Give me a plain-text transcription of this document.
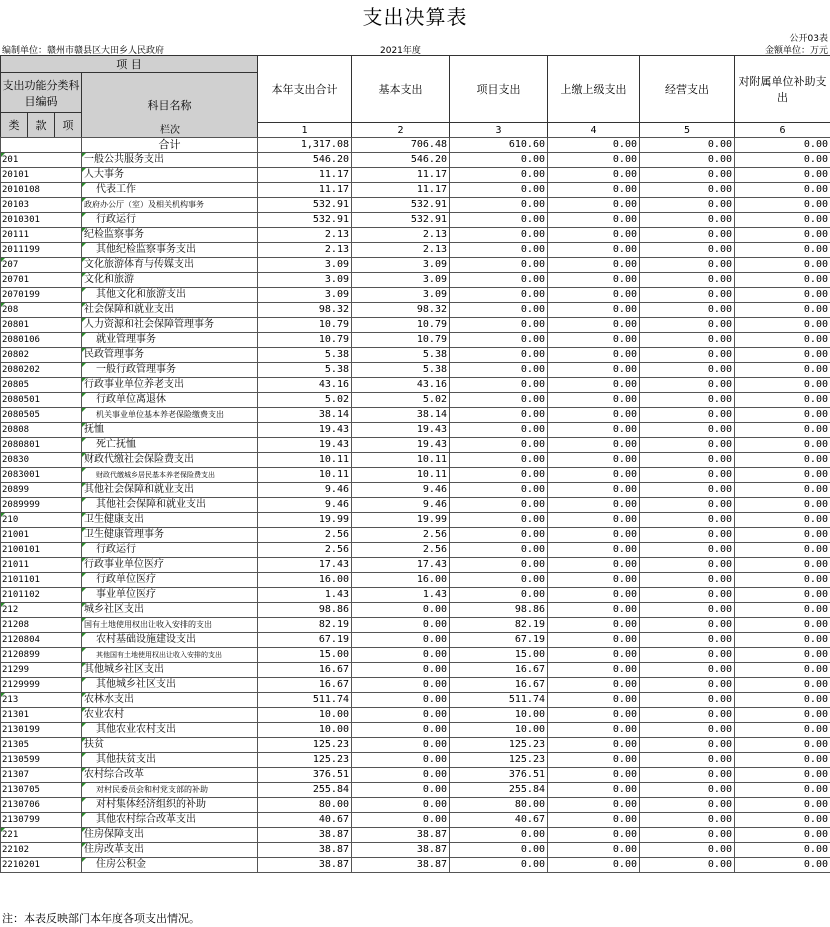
支出决算表
公开03表
编制单位：赣州市赣县区大田乡人民政府	2021年度	金额单位：万元
项 目				本年支出合计	基本支出	项目支出	上缴上级支出	经营支出	对附属单位补助支出
支出功能分类科目编码			科目名称						
类	款	项							
				1	2	3	4	5	6
栏次
	合计	1,317.08	706.48	610.60	0.00	0.00	0.00

201	一般公共服务支出	546.20	546.20	0.00	0.00	0.00	0.00
20101	人大事务	11.17	11.17	0.00	0.00	0.00	0.00
2010108	代表工作	11.17	11.17	0.00	0.00	0.00	0.00
20103	政府办公厅（室）及相关机构事务	532.91	532.91	0.00	0.00	0.00	0.00
2010301	行政运行	532.91	532.91	0.00	0.00	0.00	0.00
20111	纪检监察事务	2.13	2.13	0.00	0.00	0.00	0.00
2011199	其他纪检监察事务支出	2.13	2.13	0.00	0.00	0.00	0.00

207	文化旅游体育与传媒支出	3.09	3.09	0.00	0.00	0.00	0.00
20701	文化和旅游	3.09	3.09	0.00	0.00	0.00	0.00
2070199	其他文化和旅游支出	3.09	3.09	0.00	0.00	0.00	0.00

208	社会保障和就业支出	98.32	98.32	0.00	0.00	0.00	0.00
20801	人力资源和社会保障管理事务	10.79	10.79	0.00	0.00	0.00	0.00
2080106	就业管理事务	10.79	10.79	0.00	0.00	0.00	0.00
20802	民政管理事务	5.38	5.38	0.00	0.00	0.00	0.00
2080202	一般行政管理事务	5.38	5.38	0.00	0.00	0.00	0.00
20805	行政事业单位养老支出	43.16	43.16	0.00	0.00	0.00	0.00
2080501	行政单位离退休	5.02	5.02	0.00	0.00	0.00	0.00
2080505	机关事业单位基本养老保险缴费支出	38.14	38.14	0.00	0.00	0.00	0.00
20808	抚恤	19.43	19.43	0.00	0.00	0.00	0.00
2080801	死亡抚恤	19.43	19.43	0.00	0.00	0.00	0.00
20830	财政代缴社会保险费支出	10.11	10.11	0.00	0.00	0.00	0.00
2083001	财政代缴城乡居民基本养老保险费支出	10.11	10.11	0.00	0.00	0.00	0.00
20899	其他社会保障和就业支出	9.46	9.46	0.00	0.00	0.00	0.00
2089999	其他社会保障和就业支出	9.46	9.46	0.00	0.00	0.00	0.00

210	卫生健康支出	19.99	19.99	0.00	0.00	0.00	0.00
21001	卫生健康管理事务	2.56	2.56	0.00	0.00	0.00	0.00
2100101	行政运行	2.56	2.56	0.00	0.00	0.00	0.00
21011	行政事业单位医疗	17.43	17.43	0.00	0.00	0.00	0.00
2101101	行政单位医疗	16.00	16.00	0.00	0.00	0.00	0.00
2101102	事业单位医疗	1.43	1.43	0.00	0.00	0.00	0.00

212	城乡社区支出	98.86	0.00	98.86	0.00	0.00	0.00
21208	国有土地使用权出让收入安排的支出	82.19	0.00	82.19	0.00	0.00	0.00
2120804	农村基础设施建设支出	67.19	0.00	67.19	0.00	0.00	0.00
2120899	其他国有土地使用权出让收入安排的支出	15.00	0.00	15.00	0.00	0.00	0.00
21299	其他城乡社区支出	16.67	0.00	16.67	0.00	0.00	0.00
2129999	其他城乡社区支出	16.67	0.00	16.67	0.00	0.00	0.00

213	农林水支出	511.74	0.00	511.74	0.00	0.00	0.00
21301	农业农村	10.00	0.00	10.00	0.00	0.00	0.00
2130199	其他农业农村支出	10.00	0.00	10.00	0.00	0.00	0.00
21305	扶贫	125.23	0.00	125.23	0.00	0.00	0.00
2130599	其他扶贫支出	125.23	0.00	125.23	0.00	0.00	0.00
21307	农村综合改革	376.51	0.00	376.51	0.00	0.00	0.00
2130705	对村民委员会和村党支部的补助	255.84	0.00	255.84	0.00	0.00	0.00
2130706	对村集体经济组织的补助	80.00	0.00	80.00	0.00	0.00	0.00
2130799	其他农村综合改革支出	40.67	0.00	40.67	0.00	0.00	0.00

221	住房保障支出	38.87	38.87	0.00	0.00	0.00	0.00
22102	住房改革支出	38.87	38.87	0.00	0.00	0.00	0.00
2210201	住房公积金	38.87	38.87	0.00	0.00	0.00	0.00
注：本表反映部门本年度各项支出情况。
